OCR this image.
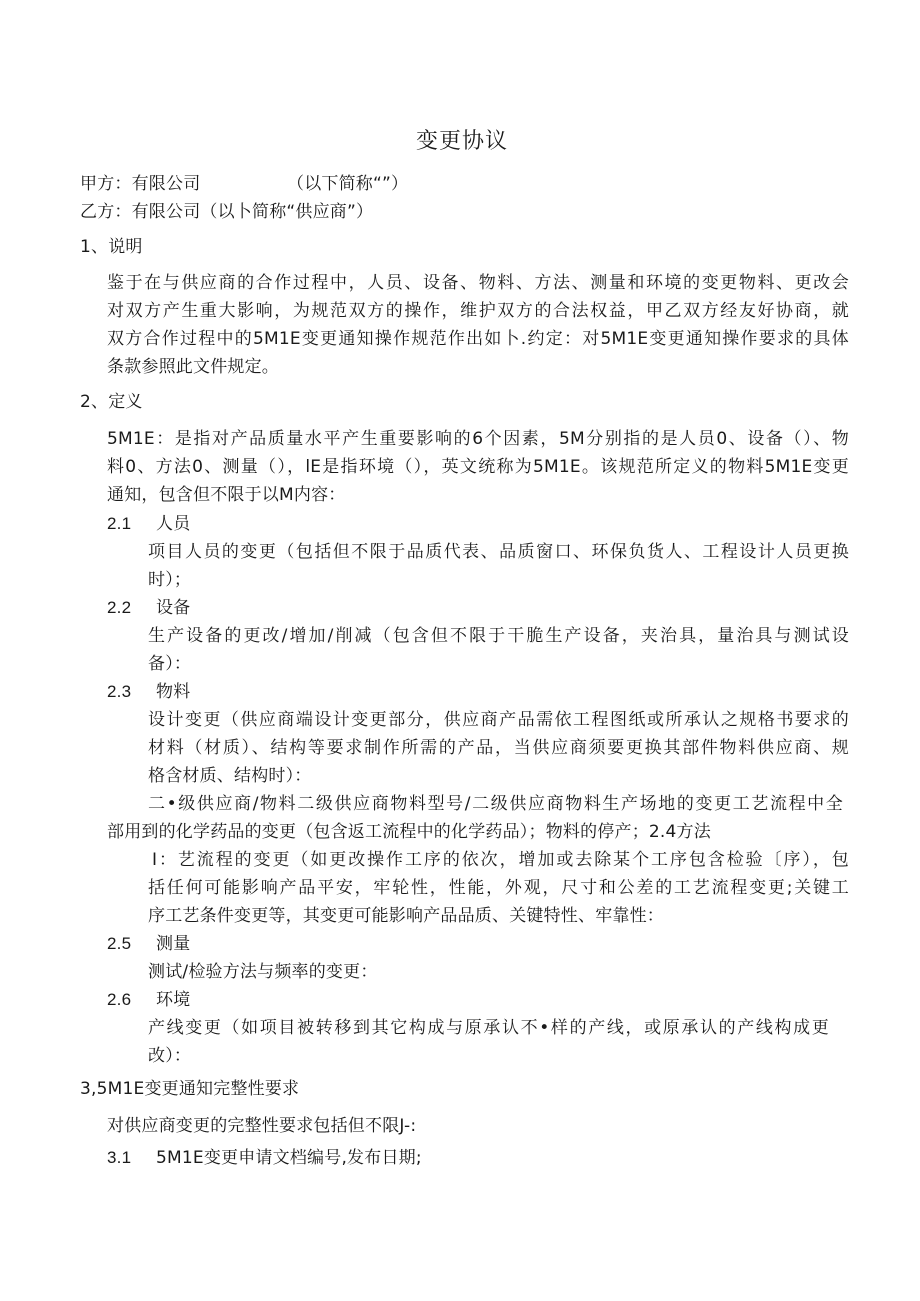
变更协议
甲方：有限公司	（以下简称“”）
乙方：有限公司（以卜简称“供应商”）
1、说明
鉴于在与供应商的合作过程中，人员、设备、物料、方法、测量和环境的变更物料、更改会
对双方产生重大影响，为规范双方的操作，维护双方的合法权益，甲乙双方经友好协商，就
双方合作过程中的5M1E变更通知操作规范作出如卜.约定：对5M1E变更通知操作要求的具体
条款参照此文件规定。
2、定义
5M1E：是指对产品质量水平产生重要影响的6个因素，5M分别指的是人员0、设备（）、物
料0、方法0、测量（），lE是指环境（），英文统称为5M1E。该规范所定义的物料5M1E变更
通知，包含但不限于以M内容：
2.1 人员
项目人员的变更（包括但不限于品质代表、品质窗口、环保负货人、工程设计人员更换
时）；
2.2 设备
生产设备的更改/增加/削减（包含但不限于干脆生产设备，夹治具，量治具与测试设
备）：
2.3 物料
设计变更（供应商端设计变更部分，供应商产品需依工程图纸或所承认之规格书要求的
材料（材质）、结构等要求制作所需的产品，当供应商须要更换其部件物料供应商、规
格含材质、结构时）：
二•级供应商/物料二级供应商物料型号/二级供应商物料生产场地的变更工艺流程中全
部用到的化学药品的变更（包含返工流程中的化学药品）；物料的停产；2.4方法
I：艺流程的变更（如更改操作工序的依次，增加或去除某个工序包含检验〔序），包
括任何可能影响产品平安，牢轮性，性能，外观，尺寸和公差的工艺流程变更;关键工
序工艺条件变更等，其变更可能影响产品品质、关键特性、牢靠性：
2.5 测量
测试/检验方法与频率的变更：
2.6 环境
产线变更（如项目被转移到其它构成与原承认不•样的产线，或原承认的产线构成更
改）：
3,5M1E变更通知完整性要求
对供应商变更的完整性要求包括但不限J-:
3.1 5M1E变更申请文档编号,发布日期;
